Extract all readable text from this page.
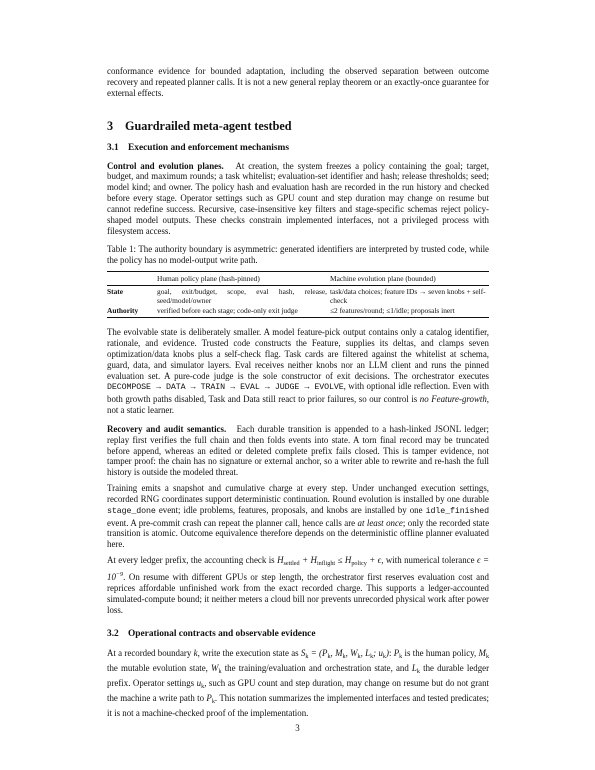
conformance evidence for bounded adaptation, including the observed separation between outcome recovery and repeated planner calls. It is not a new general replay theorem or an exactly-once guarantee for external effects.

3 Guardrailed meta-agent testbed
3.1 Execution and enforcement mechanisms

Control and evolution planes. At creation, the system freezes a policy containing the goal; target, budget, and maximum rounds; a task whitelist; evaluation-set identifier and hash; release thresholds; seed; model kind; and owner. The policy hash and evaluation hash are recorded in the run history and checked before every stage. Operator settings such as GPU count and step duration may change on resume but cannot redefine success. Recursive, case-insensitive key filters and stage-specific schemas reject policy-shaped model outputs. These checks constrain implemented interfaces, not a privileged process with filesystem access.

Table 1: The authority boundary is asymmetric: generated identifiers are interpreted by trusted code, while the policy has no model-output write path.

	Human policy plane (hash-pinned)	Machine evolution plane (bounded)
State	goal, exit/budget, scope, eval hash, release, seed/model/owner	task/data choices; feature IDs → seven knobs + self-check
Authority	verified before each stage; code-only exit judge	≤2 features/round; ≤1/idle; proposals inert

The evolvable state is deliberately smaller. A model feature-pick output contains only a catalog identifier, rationale, and evidence. Trusted code constructs the Feature, supplies its deltas, and clamps seven optimization/data knobs plus a self-check flag. Task cards are filtered against the whitelist at schema, guard, data, and simulator layers. Eval receives neither knobs nor an LLM client and runs the pinned evaluation set. A pure-code judge is the sole constructor of exit decisions. The orchestrator executes DECOMPOSE → DATA → TRAIN → EVAL → JUDGE → EVOLVE, with optional idle reflection. Even with both growth paths disabled, Task and Data still react to prior failures, so our control is no Feature-growth, not a static learner.

Recovery and audit semantics. Each durable transition is appended to a hash-linked JSONL ledger; replay first verifies the full chain and then folds events into state. A torn final record may be truncated before append, whereas an edited or deleted complete prefix fails closed. This is tamper evidence, not tamper proof: the chain has no signature or external anchor, so a writer able to rewrite and re-hash the full history is outside the modeled threat.

Training emits a snapshot and cumulative charge at every step. Under unchanged execution settings, recorded RNG coordinates support deterministic continuation. Round evolution is installed by one durable stage_done event; idle problems, features, proposals, and knobs are installed by one idle_finished event. A pre-commit crash can repeat the planner call, hence calls are at least once; only the recorded state transition is atomic. Outcome equivalence therefore depends on the deterministic offline planner evaluated here.

At every ledger prefix, the accounting check is $H_{settled} + H_{inflight} \le H_{policy} + \epsilon$, with numerical tolerance $\epsilon = 10^{-9}$. On resume with different GPUs or step length, the orchestrator first reserves evaluation cost and reprices affordable unfinished work from the exact recorded charge. This supports a ledger-accounted simulated-compute bound; it neither meters a cloud bill nor prevents unrecorded physical work after power loss.

3.2 Operational contracts and observable evidence

At a recorded boundary k, write the execution state as $S_k = (P_k$, $M_k$, $W_k$, $L_k$; $u_k$): $P_k$ is the human policy, $M_k$ the mutable evolution state, $W_k$ the training/evaluation and orchestration state, and $L_k$ the durable ledger prefix. Operator settings $u_k$, such as GPU count and step duration, may change on resume but do not grant the machine a write path to $P_k$. This notation summarizes the implemented interfaces and tested predicates; it is not a machine-checked proof of the implementation.

3
